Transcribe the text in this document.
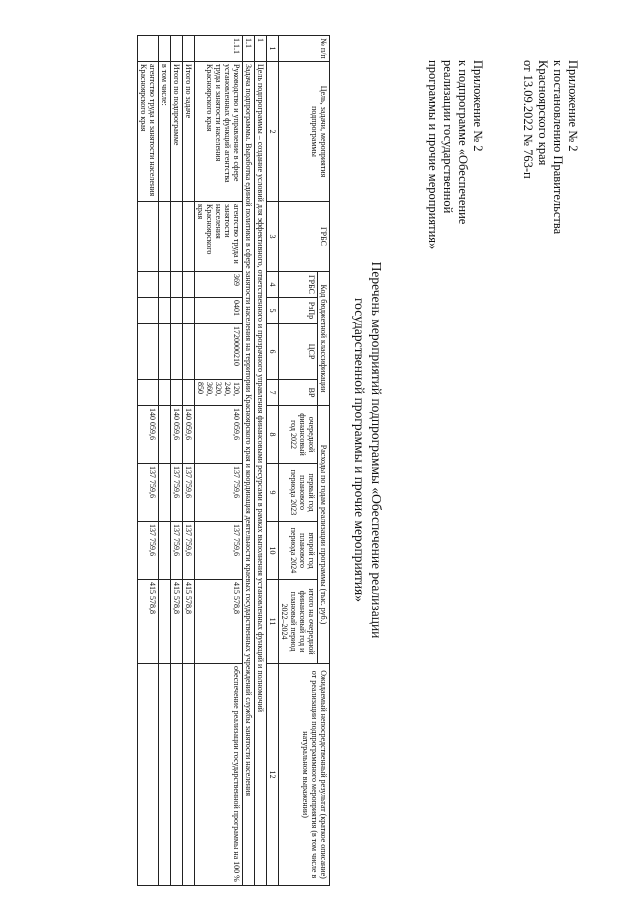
Приложение № 2
к постановлению Правительства
Красноярского края
от 13.09.2022 № 763-п
Приложение № 2
к подпрограмме «Обеспечение
реализации государственной
программы и прочие мероприятия»
Перечень мероприятий подпрограммы «Обеспечение реализации
государственной программы и прочие мероприятия»
№ п/п	Цель, задачи, мероприятия подпрограммы	ГРБС	Код бюджетной классификации				Расходы по годам реализации программы (тыс. руб.)				Ожидаемый непосредственный результат (краткое описание) от реализации подпрограммного мероприятия (в том числе в натуральном выражении)
			ГРБС	РзПр	ЦСР	ВР	очередной финансовый год 2022	первый год планового периода 2023	второй год планового периода 2024	итого на очередной финансовый год и плановый период 2022–2024	
1	2	3	4	5	6	7	8	9	10	11	12
1	Цель подпрограммы – создание условий для эффективного, ответственного и прозрачного управления финансовыми ресурсами в рамках выполнения установленных функций и полномочий										
1.1	Задача подпрограммы. Выработка единой политики в сфере занятости населения на территории Красноярского края и координация деятельности краевых государственных учреждений службы занятости населения										
1.1.1	Руководство и управление в сфере установленных функций агентства труда и занятости населения Красноярского края	агентство труда и занятости населения Красноярского края	369	0401	1720000210	120, 240, 320, 360, 850	140 059,6	137 759,6	137 759,6	415 578,8	обеспечение реализации государственной программы на 100 %
	Итого по задаче						140 059,6	137 759,6	137 759,6	415 578,8	
	Итого по подпрограмме						140 059,6	137 759,6	137 759,6	415 578,8	
	в том числе:										
	агентство труда и занятости населения Красноярского края						140 059,6	137 759,6	137 759,6	415 578,8	
